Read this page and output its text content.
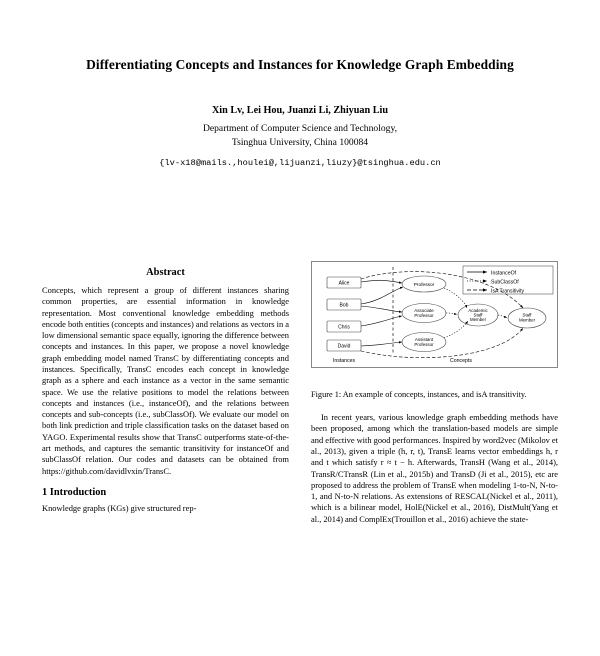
Differentiating Concepts and Instances for Knowledge Graph Embedding
Xin Lv, Lei Hou, Juanzi Li, Zhiyuan Liu
Department of Computer Science and Technology,
Tsinghua University, China 100084
{lv-x18@mails.,houlei@,lijuanzi,liuzy}@tsinghua.edu.cn
Abstract

Concepts, which represent a group of different instances sharing common properties, are essential information in knowledge representation. Most conventional knowledge embedding methods encode both entities (concepts and instances) and relations as vectors in a low dimensional semantic space equally, ignoring the difference between concepts and instances. In this paper, we propose a novel knowledge graph embedding model named TransC by differentiating concepts and instances. Specifically, TransC encodes each concept in knowledge graph as a sphere and each instance as a vector in the same semantic space. We use the relative positions to model the relations between concepts and instances (i.e., instanceOf), and the relations between concepts and sub-concepts (i.e., subClassOf). We evaluate our model on both link prediction and triple classification tasks on the dataset based on YAGO. Experimental results show that TransC outperforms state-of-the-art methods, and captures the semantic transitivity for instanceOf and subClassOf relation. Our codes and datasets can be obtained from https://github.com/davidlvxin/TransC.

1 Introduction

Knowledge graphs (KGs) give structured rep-

InstanceOf
SubClassOf
IsA Transitivity
Alice
Bob
Chris
David
Professor
Associate
Professor
Assistant
Professor
Academic
Staff
Member
Staff
Member
Instances	Concepts
Figure 1: An example of concepts, instances, and isA transitivity.

In recent years, various knowledge graph embedding methods have been proposed, among which the translation-based models are simple and effective with good performances. Inspired by word2vec (Mikolov et al., 2013), given a triple (h, r, t), TransE learns vector embeddings h, r and t which satisfy r ≈ t − h. Afterwards, TransH (Wang et al., 2014), TransR/CTransR (Lin et al., 2015b) and TransD (Ji et al., 2015), etc are proposed to address the problem of TransE when modeling 1-to-N, N-to-1, and N-to-N relations. As extensions of RESCAL(Nickel et al., 2011), which is a bilinear model, HolE(Nickel et al., 2016), DistMult(Yang et al., 2014) and ComplEx(Trouillon et al., 2016) achieve the state-
